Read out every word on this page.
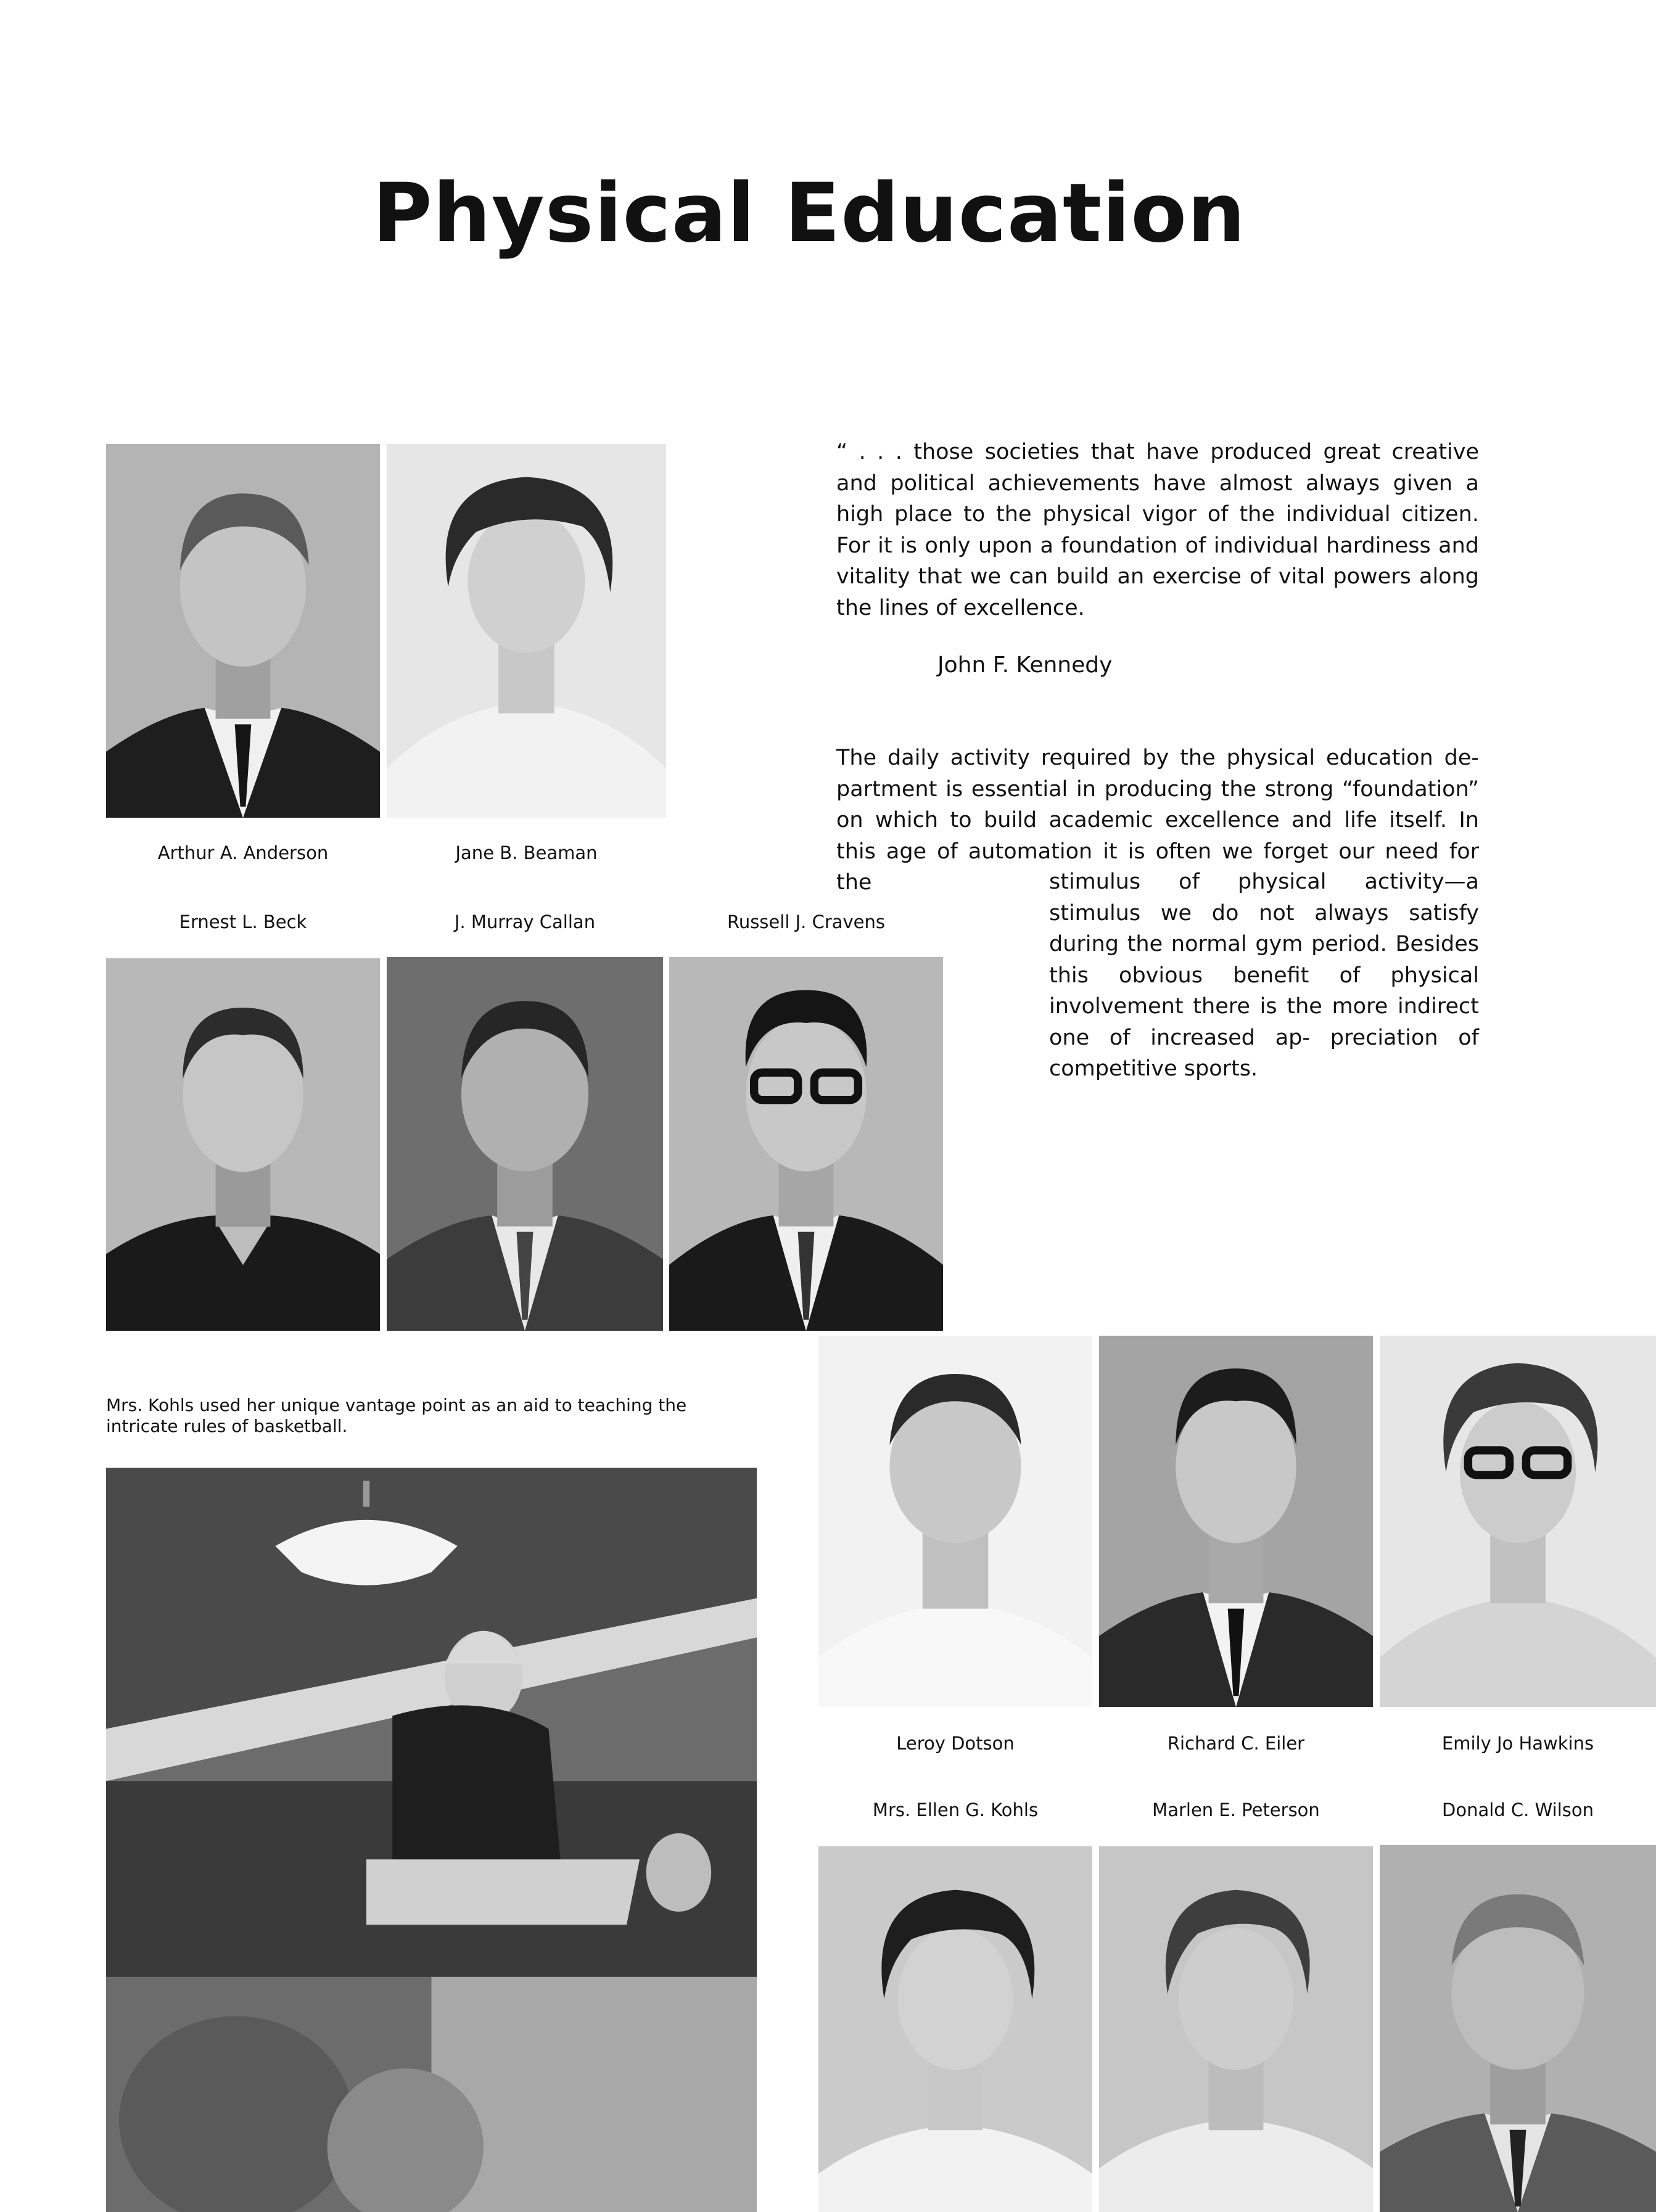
Physical Education
“ . . . those societies that have produced great creative and political achievements have almost always given a high place to the physical vigor of the individual citizen. For it is only upon a foundation of individual hardiness and vitality that we can build an exercise of vital powers along the lines of excellence.
John F. Kennedy
The daily activity required by the physical education de- partment is essential in producing the strong “foundation” on which to build academic excellence and life itself. In this age of automation it is often we forget our need for the	stimulus of physical activity—a stimulus we do not always satisfy during the normal gym period. Besides this obvious benefit of physical involvement there is the more indirect one of increased ap- preciation of competitive sports.
Arthur A. Anderson	Jane B. Beaman
Ernest L. Beck	J. Murray Callan	Russell J. Cravens
Mrs. Kohls used her unique vantage point as an aid to teaching the intricate rules of basketball.
Leroy Dotson	Richard C. Eiler	Emily Jo Hawkins
Mrs. Ellen G. Kohls	Marlen E. Peterson	Donald C. Wilson
